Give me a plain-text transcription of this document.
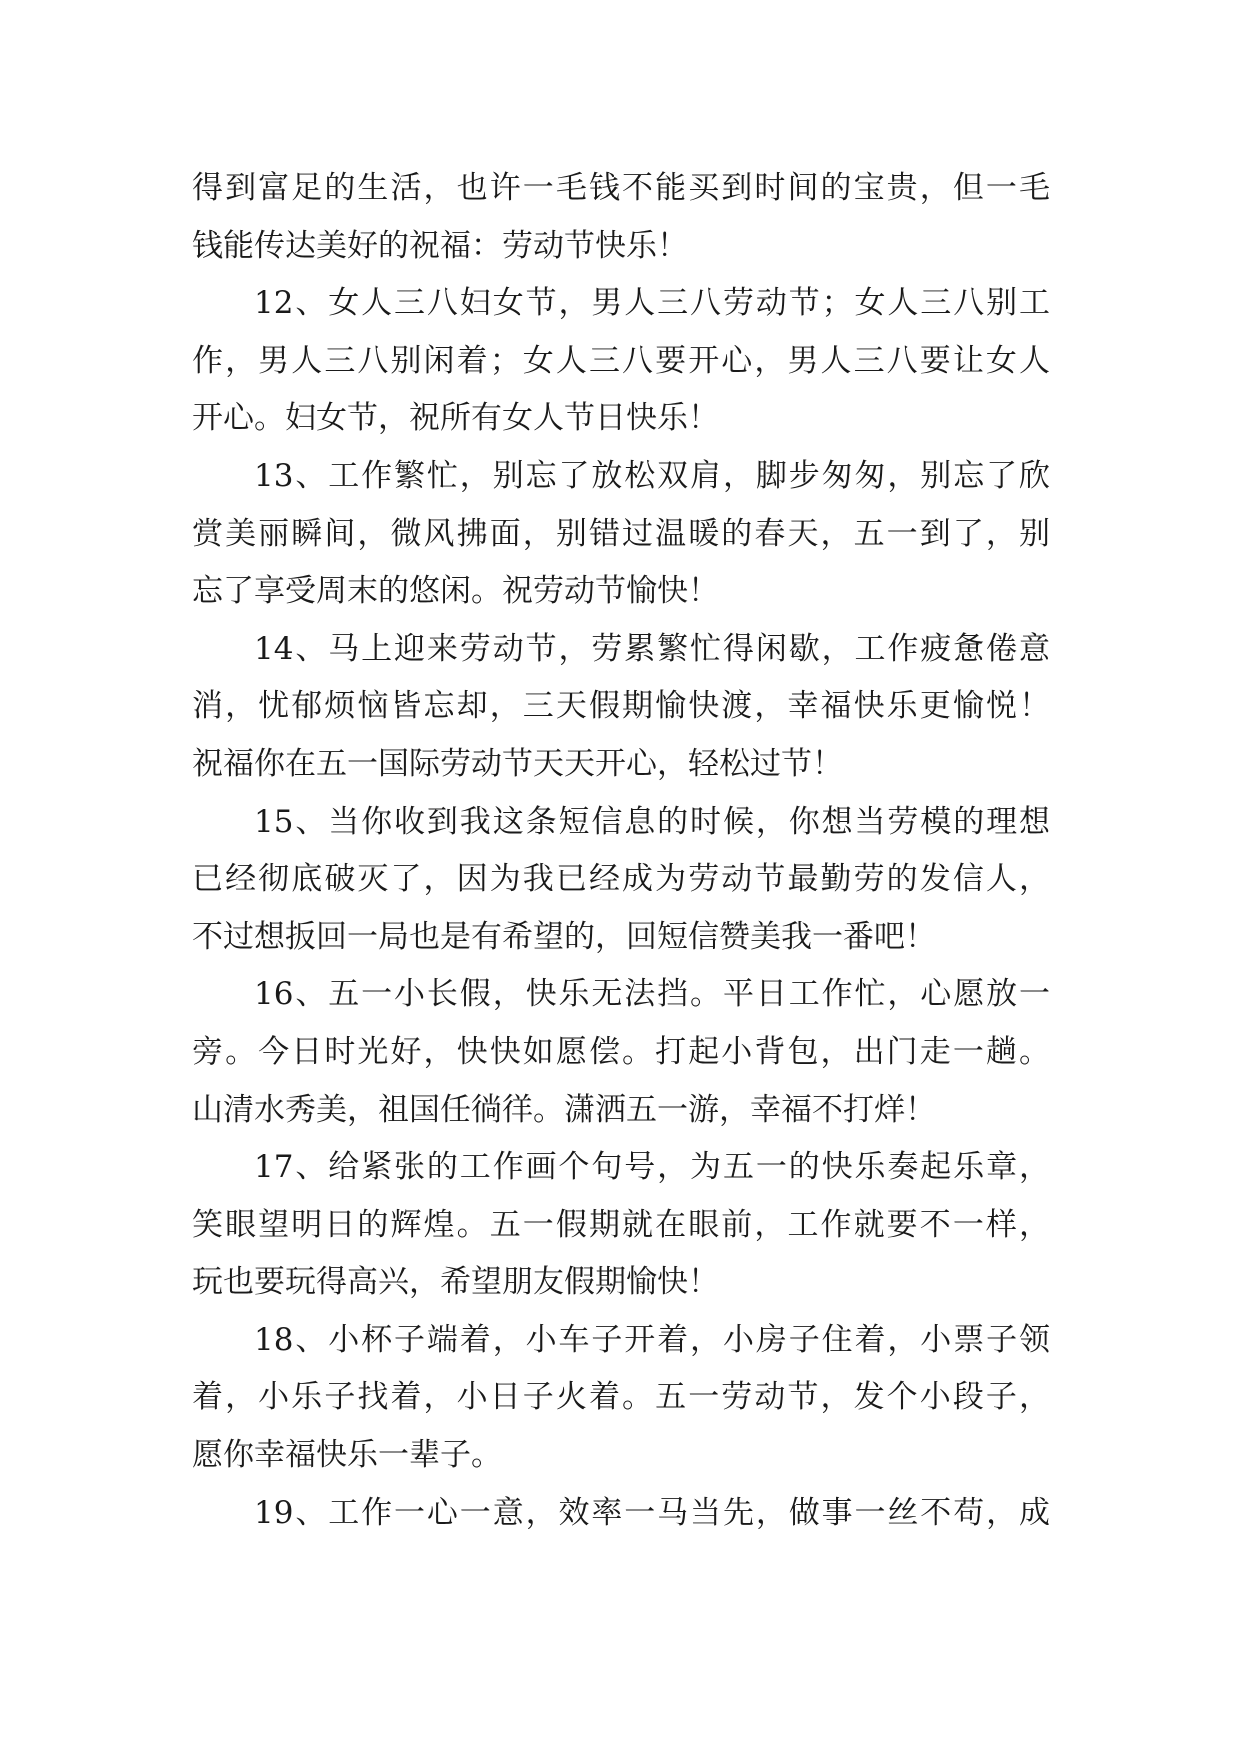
得到富足的生活，也许一毛钱不能买到时间的宝贵，但一毛
钱能传达美好的祝福：劳动节快乐！
12、女人三八妇女节，男人三八劳动节；女人三八别工
作，男人三八别闲着；女人三八要开心，男人三八要让女人
开心。妇女节，祝所有女人节日快乐！
13、工作繁忙，别忘了放松双肩，脚步匆匆，别忘了欣
赏美丽瞬间，微风拂面，别错过温暖的春天，五一到了，别
忘了享受周末的悠闲。祝劳动节愉快！
14、马上迎来劳动节，劳累繁忙得闲歇，工作疲惫倦意
消，忧郁烦恼皆忘却，三天假期愉快渡，幸福快乐更愉悦！
祝福你在五一国际劳动节天天开心，轻松过节！
15、当你收到我这条短信息的时候，你想当劳模的理想
已经彻底破灭了，因为我已经成为劳动节最勤劳的发信人，
不过想扳回一局也是有希望的，回短信赞美我一番吧！
16、五一小长假，快乐无法挡。平日工作忙，心愿放一
旁。今日时光好，快快如愿偿。打起小背包，出门走一趟。
山清水秀美，祖国任徜徉。潇洒五一游，幸福不打烊！
17、给紧张的工作画个句号，为五一的快乐奏起乐章，
笑眼望明日的辉煌。五一假期就在眼前，工作就要不一样，
玩也要玩得高兴，希望朋友假期愉快！
18、小杯子端着，小车子开着，小房子住着，小票子领
着，小乐子找着，小日子火着。五一劳动节，发个小段子，
愿你幸福快乐一辈子。
19、工作一心一意，效率一马当先，做事一丝不苟，成
